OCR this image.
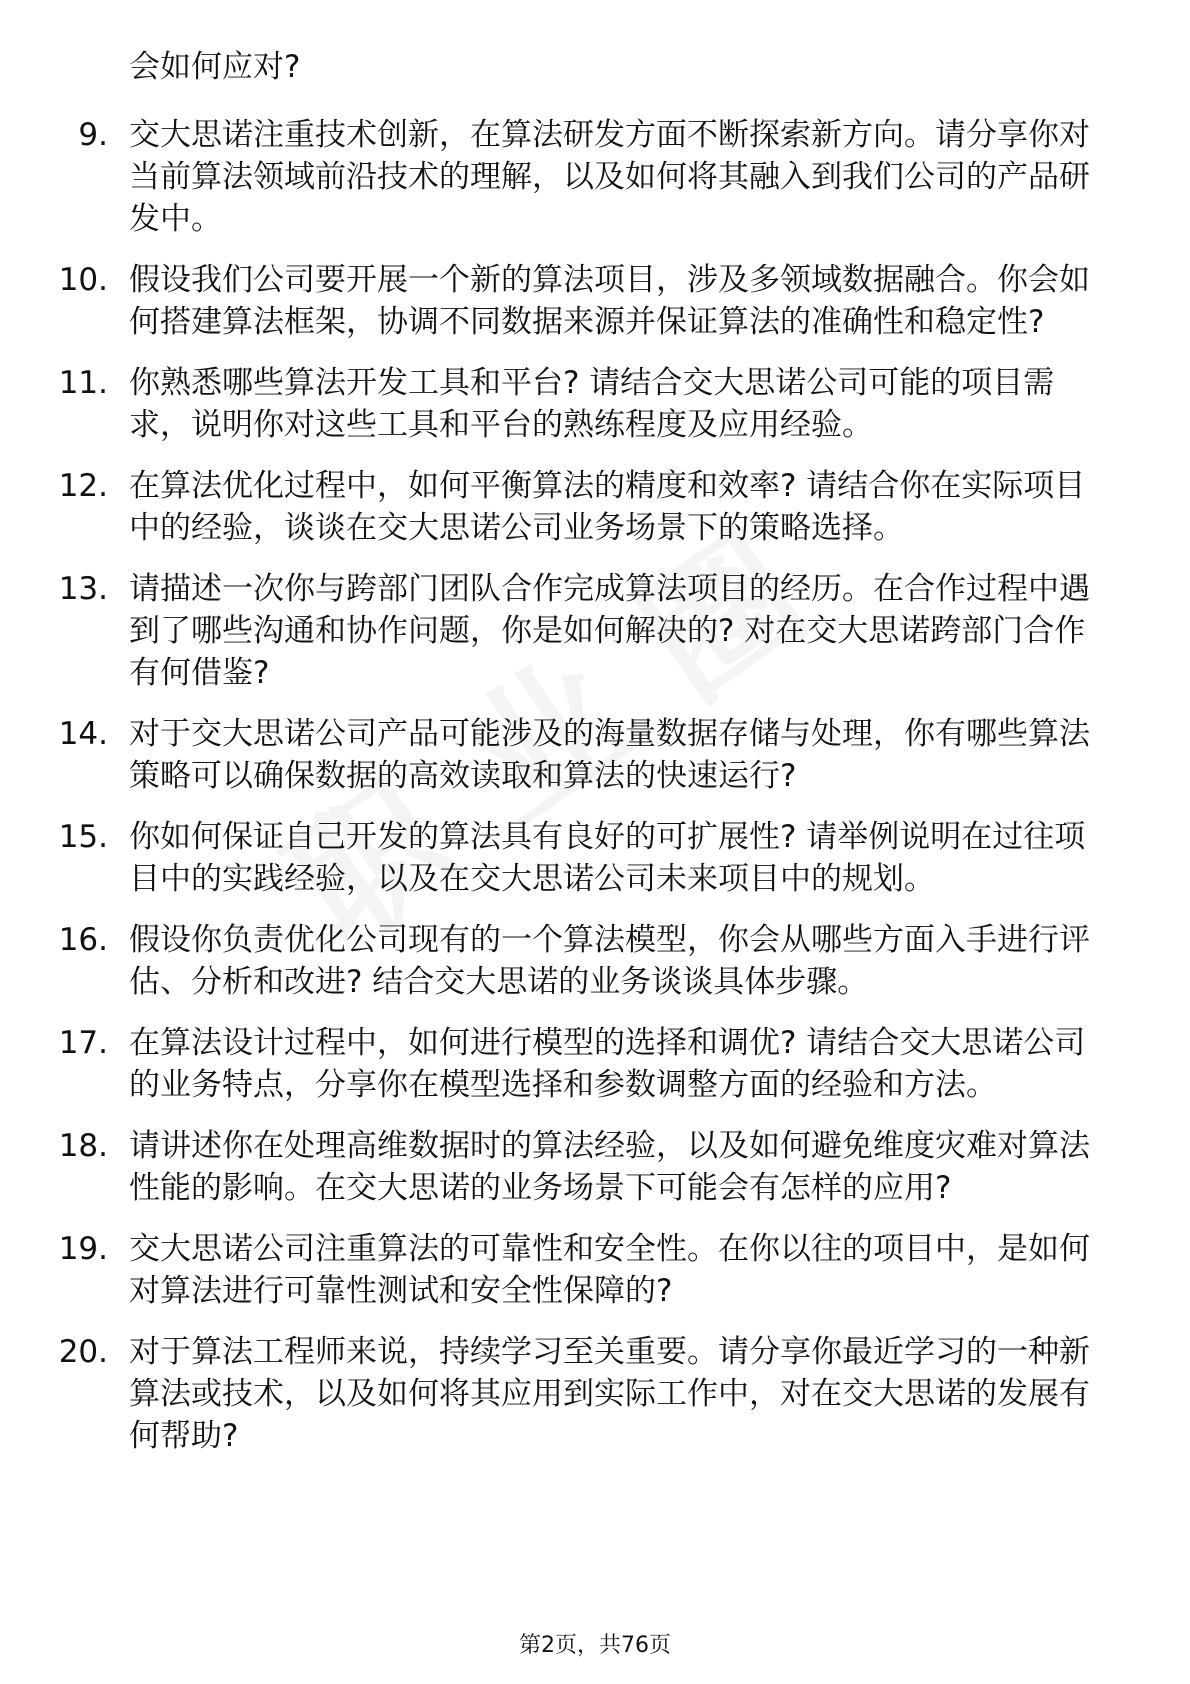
会如何应对?
9. 交大思诺注重技术创新，在算法研发方面不断探索新方向。请分享你对当前算法领域前沿技术的理解，以及如何将其融入到我们公司的产品研发中。
10. 假设我们公司要开展一个新的算法项目，涉及多领域数据融合。你会如何搭建算法框架，协调不同数据来源并保证算法的准确性和稳定性?
11. 你熟悉哪些算法开发工具和平台? 请结合交大思诺公司可能的项目需求，说明你对这些工具和平台的熟练程度及应用经验。
12. 在算法优化过程中，如何平衡算法的精度和效率? 请结合你在实际项目中的经验，谈谈在交大思诺公司业务场景下的策略选择。
13. 请描述一次你与跨部门团队合作完成算法项目的经历。在合作过程中遇到了哪些沟通和协作问题，你是如何解决的? 对在交大思诺跨部门合作有何借鉴?
14. 对于交大思诺公司产品可能涉及的海量数据存储与处理，你有哪些算法策略可以确保数据的高效读取和算法的快速运行?
15. 你如何保证自己开发的算法具有良好的可扩展性? 请举例说明在过往项目中的实践经验，以及在交大思诺公司未来项目中的规划。
16. 假设你负责优化公司现有的一个算法模型，你会从哪些方面入手进行评估、分析和改进? 结合交大思诺的业务谈谈具体步骤。
17. 在算法设计过程中，如何进行模型的选择和调优? 请结合交大思诺公司的业务特点，分享你在模型选择和参数调整方面的经验和方法。
18. 请讲述你在处理高维数据时的算法经验，以及如何避免维度灾难对算法性能的影响。在交大思诺的业务场景下可能会有怎样的应用?
19. 交大思诺公司注重算法的可靠性和安全性。在你以往的项目中，是如何对算法进行可靠性测试和安全性保障的?
20. 对于算法工程师来说，持续学习至关重要。请分享你最近学习的一种新算法或技术，以及如何将其应用到实际工作中，对在交大思诺的发展有何帮助?
第2页，共76页
